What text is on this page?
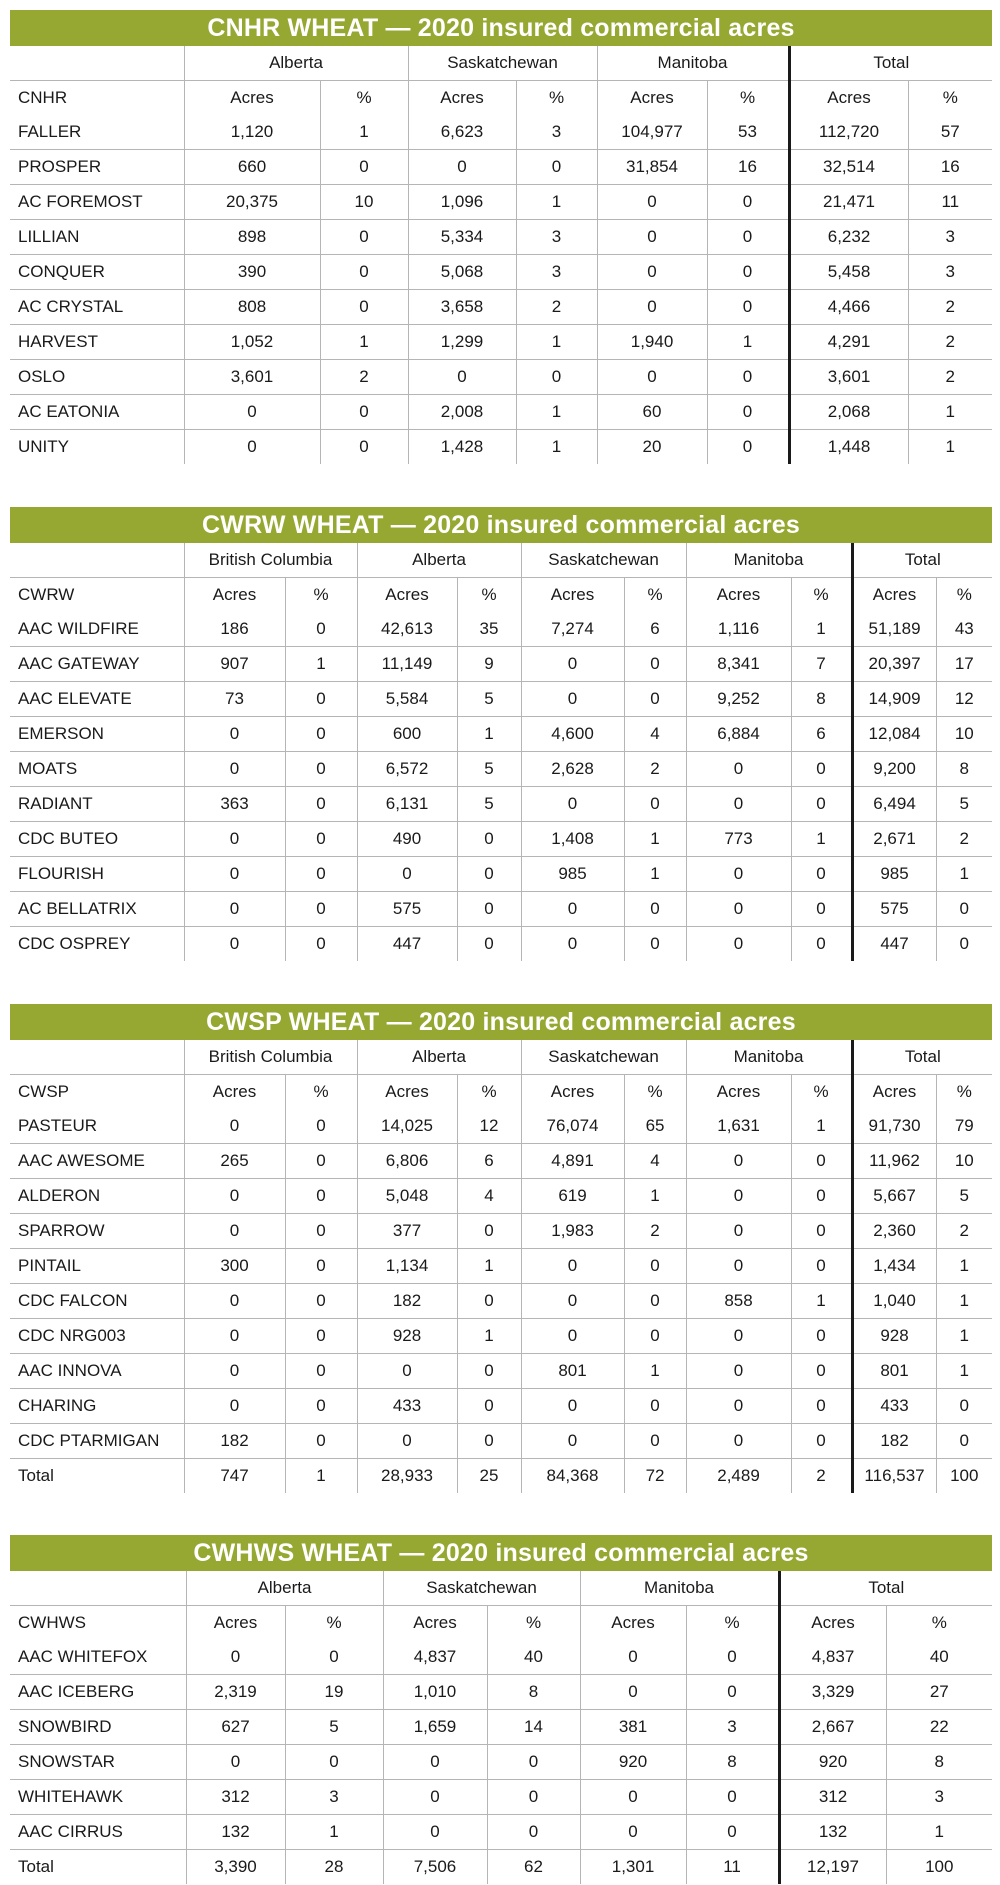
CNHR WHEAT — 2020 insured commercial acres
	Alberta		Saskatchewan		Manitoba		Total	
CNHR	Acres	%	Acres	%	Acres	%	Acres	%
FALLER	1,120	1	6,623	3	104,977	53	112,720	57
PROSPER	660	0	0	0	31,854	16	32,514	16
AC FOREMOST	20,375	10	1,096	1	0	0	21,471	11
LILLIAN	898	0	5,334	3	0	0	6,232	3
CONQUER	390	0	5,068	3	0	0	5,458	3
AC CRYSTAL	808	0	3,658	2	0	0	4,466	2
HARVEST	1,052	1	1,299	1	1,940	1	4,291	2
OSLO	3,601	2	0	0	0	0	3,601	2
AC EATONIA	0	0	2,008	1	60	0	2,068	1
UNITY	0	0	1,428	1	20	0	1,448	1
CWRW WHEAT — 2020 insured commercial acres
	British Columbia		Alberta		Saskatchewan		Manitoba		Total	
CWRW	Acres	%	Acres	%	Acres	%	Acres	%	Acres	%
AAC WILDFIRE	186	0	42,613	35	7,274	6	1,116	1	51,189	43
AAC GATEWAY	907	1	11,149	9	0	0	8,341	7	20,397	17
AAC ELEVATE	73	0	5,584	5	0	0	9,252	8	14,909	12
EMERSON	0	0	600	1	4,600	4	6,884	6	12,084	10
MOATS	0	0	6,572	5	2,628	2	0	0	9,200	8
RADIANT	363	0	6,131	5	0	0	0	0	6,494	5
CDC BUTEO	0	0	490	0	1,408	1	773	1	2,671	2
FLOURISH	0	0	0	0	985	1	0	0	985	1
AC BELLATRIX	0	0	575	0	0	0	0	0	575	0
CDC OSPREY	0	0	447	0	0	0	0	0	447	0
CWSP WHEAT — 2020 insured commercial acres
	British Columbia		Alberta		Saskatchewan		Manitoba		Total	
CWSP	Acres	%	Acres	%	Acres	%	Acres	%	Acres	%
PASTEUR	0	0	14,025	12	76,074	65	1,631	1	91,730	79
AAC AWESOME	265	0	6,806	6	4,891	4	0	0	11,962	10
ALDERON	0	0	5,048	4	619	1	0	0	5,667	5
SPARROW	0	0	377	0	1,983	2	0	0	2,360	2
PINTAIL	300	0	1,134	1	0	0	0	0	1,434	1
CDC FALCON	0	0	182	0	0	0	858	1	1,040	1
CDC NRG003	0	0	928	1	0	0	0	0	928	1
AAC INNOVA	0	0	0	0	801	1	0	0	801	1
CHARING	0	0	433	0	0	0	0	0	433	0
CDC PTARMIGAN	182	0	0	0	0	0	0	0	182	0
Total	747	1	28,933	25	84,368	72	2,489	2	116,537	100
CWHWS WHEAT — 2020 insured commercial acres
	Alberta		Saskatchewan		Manitoba		Total	
CWHWS	Acres	%	Acres	%	Acres	%	Acres	%
AAC WHITEFOX	0	0	4,837	40	0	0	4,837	40
AAC ICEBERG	2,319	19	1,010	8	0	0	3,329	27
SNOWBIRD	627	5	1,659	14	381	3	2,667	22
SNOWSTAR	0	0	0	0	920	8	920	8
WHITEHAWK	312	3	0	0	0	0	312	3
AAC CIRRUS	132	1	0	0	0	0	132	1
Total	3,390	28	7,506	62	1,301	11	12,197	100
